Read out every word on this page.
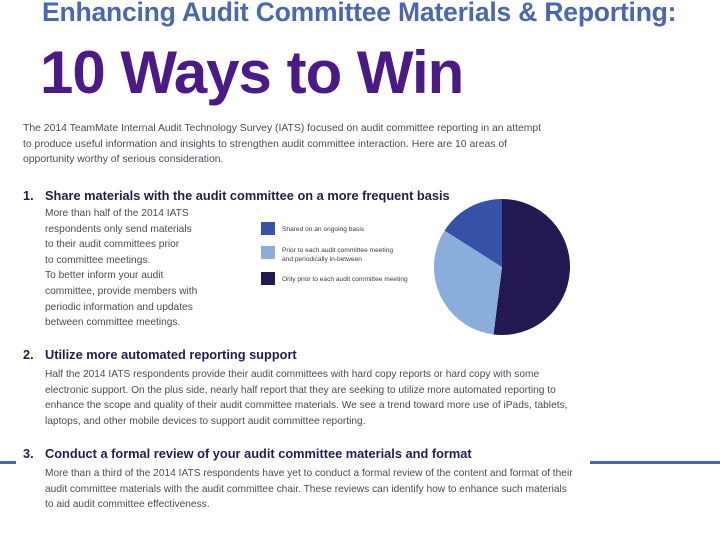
Enhancing Audit Committee Materials & Reporting:
10 Ways to Win
The 2014 TeamMate Internal Audit Technology Survey (IATS) focused on audit committee reporting in an attempt
to produce useful information and insights to strengthen audit committee interaction. Here are 10 areas of
opportunity worthy of serious consideration.
1. Share materials with the audit committee on a more frequent basis
More than half of the 2014 IATS
respondents only send materials
to their audit committees prior
to committee meetings.
To better inform your audit
committee, provide members with
periodic information and updates
between committee meetings.
Shared on an ongoing basis
Prior to each audit committee meeting
and periodically in-between
Only prior to each audit committee meeting
2. Utilize more automated reporting support
Half the 2014 IATS respondents provide their audit committees with hard copy reports or hard copy with some
electronic support. On the plus side, nearly half report that they are seeking to utilize more automated reporting to
enhance the scope and quality of their audit committee materials. We see a trend toward more use of iPads, tablets,
laptops, and other mobile devices to support audit committee reporting.
3. Conduct a formal review of your audit committee materials and format
More than a third of the 2014 IATS respondents have yet to conduct a formal review of the content and format of their
audit committee materials with the audit committee chair. These reviews can identify how to enhance such materials
to aid audit committee effectiveness.
